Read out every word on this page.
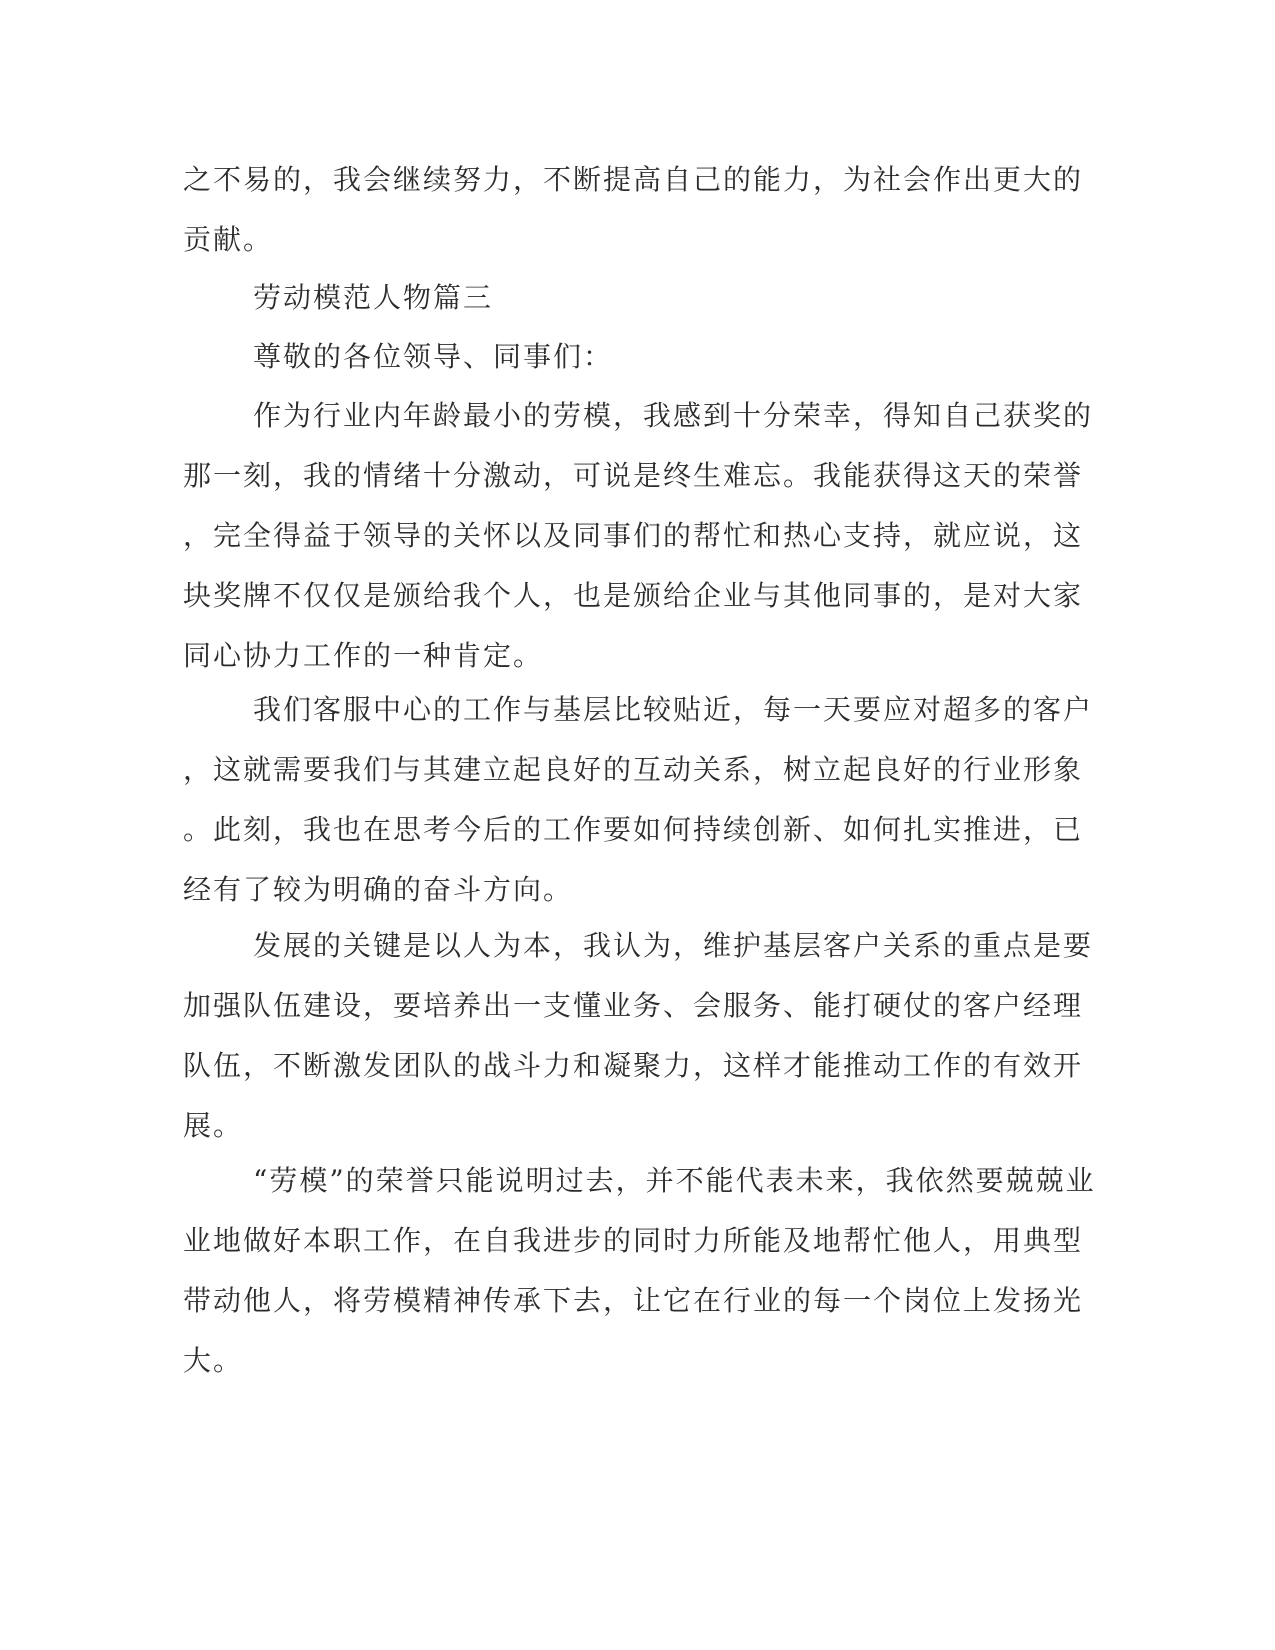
之不易的，我会继续努力，不断提高自己的能力，为社会作出更大的
贡献。
劳动模范人物篇三
尊敬的各位领导、同事们：
作为行业内年龄最小的劳模，我感到十分荣幸，得知自己获奖的
那一刻，我的情绪十分激动，可说是终生难忘。我能获得这天的荣誉
，完全得益于领导的关怀以及同事们的帮忙和热心支持，就应说，这
块奖牌不仅仅是颁给我个人，也是颁给企业与其他同事的，是对大家
同心协力工作的一种肯定。
我们客服中心的工作与基层比较贴近，每一天要应对超多的客户
，这就需要我们与其建立起良好的互动关系，树立起良好的行业形象
。此刻，我也在思考今后的工作要如何持续创新、如何扎实推进，已
经有了较为明确的奋斗方向。
发展的关键是以人为本，我认为，维护基层客户关系的重点是要
加强队伍建设，要培养出一支懂业务、会服务、能打硬仗的客户经理
队伍，不断激发团队的战斗力和凝聚力，这样才能推动工作的有效开
展。
“劳模”的荣誉只能说明过去，并不能代表未来，我依然要兢兢业
业地做好本职工作，在自我进步的同时力所能及地帮忙他人，用典型
带动他人，将劳模精神传承下去，让它在行业的每一个岗位上发扬光
大。
